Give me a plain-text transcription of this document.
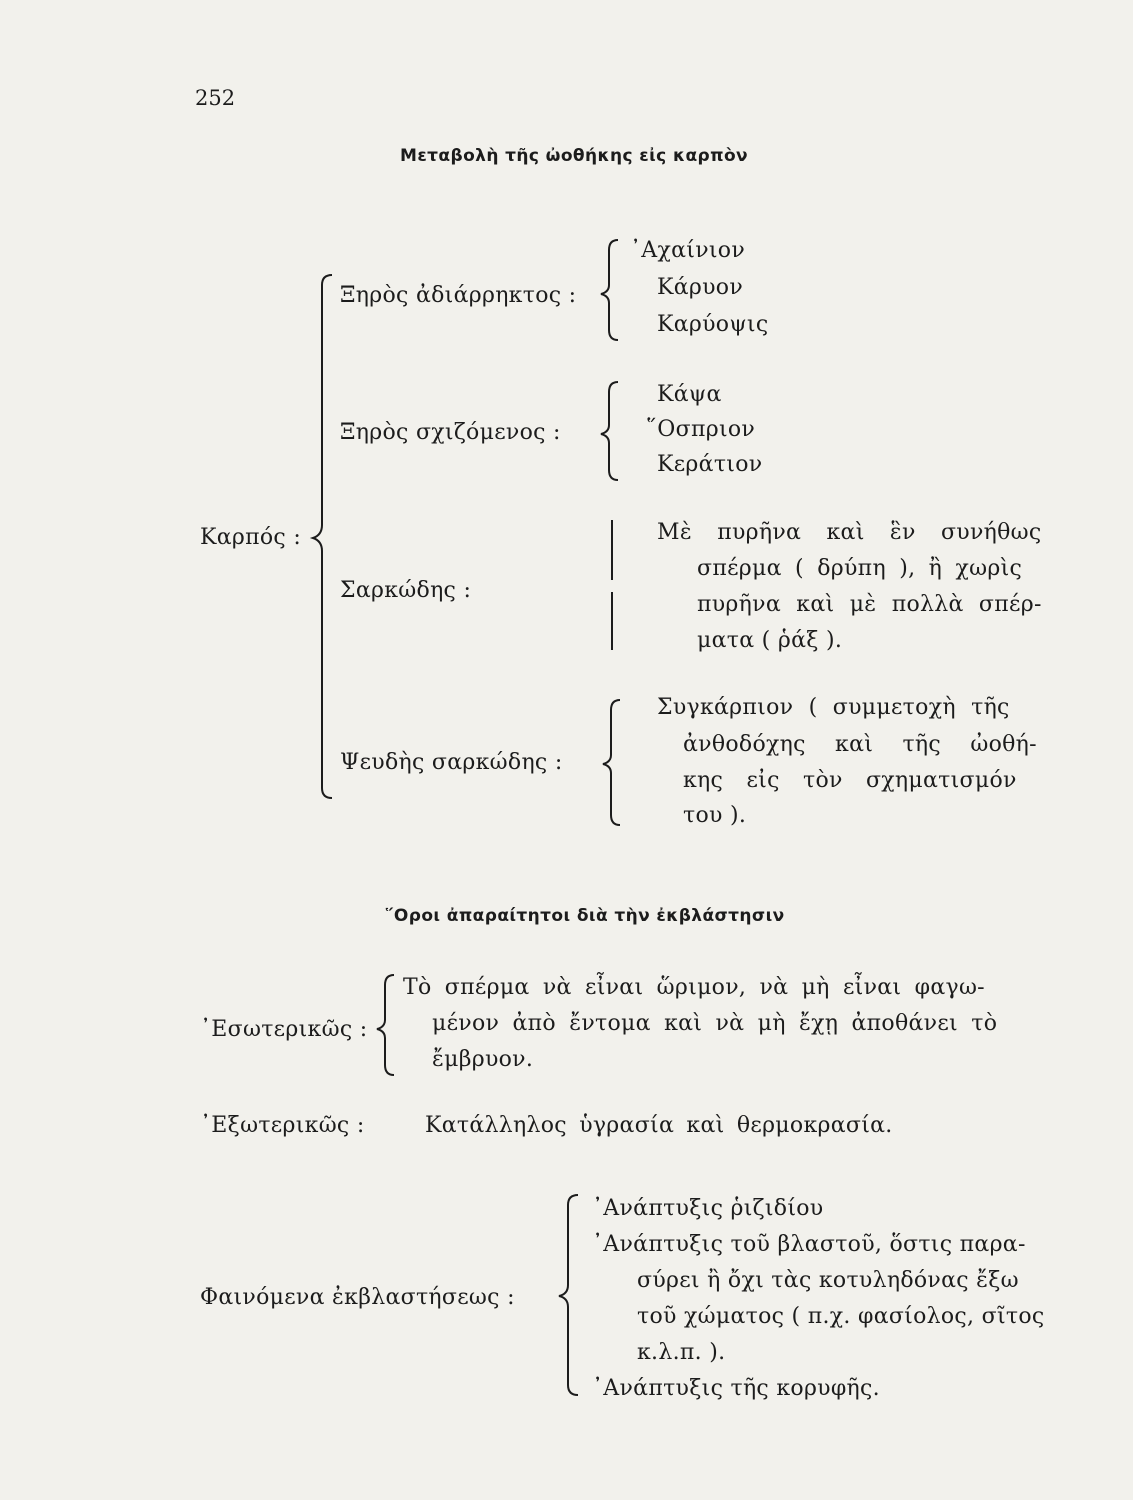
252
Μεταβολὴ τῆς ὠοθήκης εἰς καρπὸν
Καρπός :
Ξηρὸς ἀδιάρρηκτος :
᾿Αχαίνιον
Κάρυον
Καρύοψις
Ξηρὸς σχιζόμενος :
Κάψα
῞Οσπριον
Κεράτιον
Σαρκώδης :
Μὲ πυρῆνα καὶ ἓν συνήθως
σπέρμα ( δρύπη ), ἢ χωρὶς
πυρῆνα καὶ μὲ πολλὰ σπέρ-
ματα ( ῥάξ ).
Ψευδὴς σαρκώδης :
Συγκάρπιον ( συμμετοχὴ τῆς
ἀνθοδόχης καὶ τῆς ὠοθή-
κης εἰς τὸν σχηματισμόν
του ).
῞Οροι ἀπαραίτητοι διὰ τὴν ἐκβλάστησιν
᾿Εσωτερικῶς :
Τὸ σπέρμα νὰ εἶναι ὥριμον, νὰ μὴ εἶναι φαγω-
μένον ἀπὸ ἔντομα καὶ νὰ μὴ ἔχῃ ἀποθάνει τὸ
ἔμβρυον.
᾿Εξωτερικῶς :	Κατάλληλος ὑγρασία καὶ θερμοκρασία.
Φαινόμενα ἐκβλαστήσεως :
᾿Ανάπτυξις ῥιζιδίου
᾿Ανάπτυξις τοῦ βλαστοῦ, ὅστις παρα-
σύρει ἢ ὄχι τὰς κοτυληδόνας ἔξω
τοῦ χώματος ( π.χ. φασίολος, σῖτος
κ.λ.π. ).
᾿Ανάπτυξις τῆς κορυφῆς.
